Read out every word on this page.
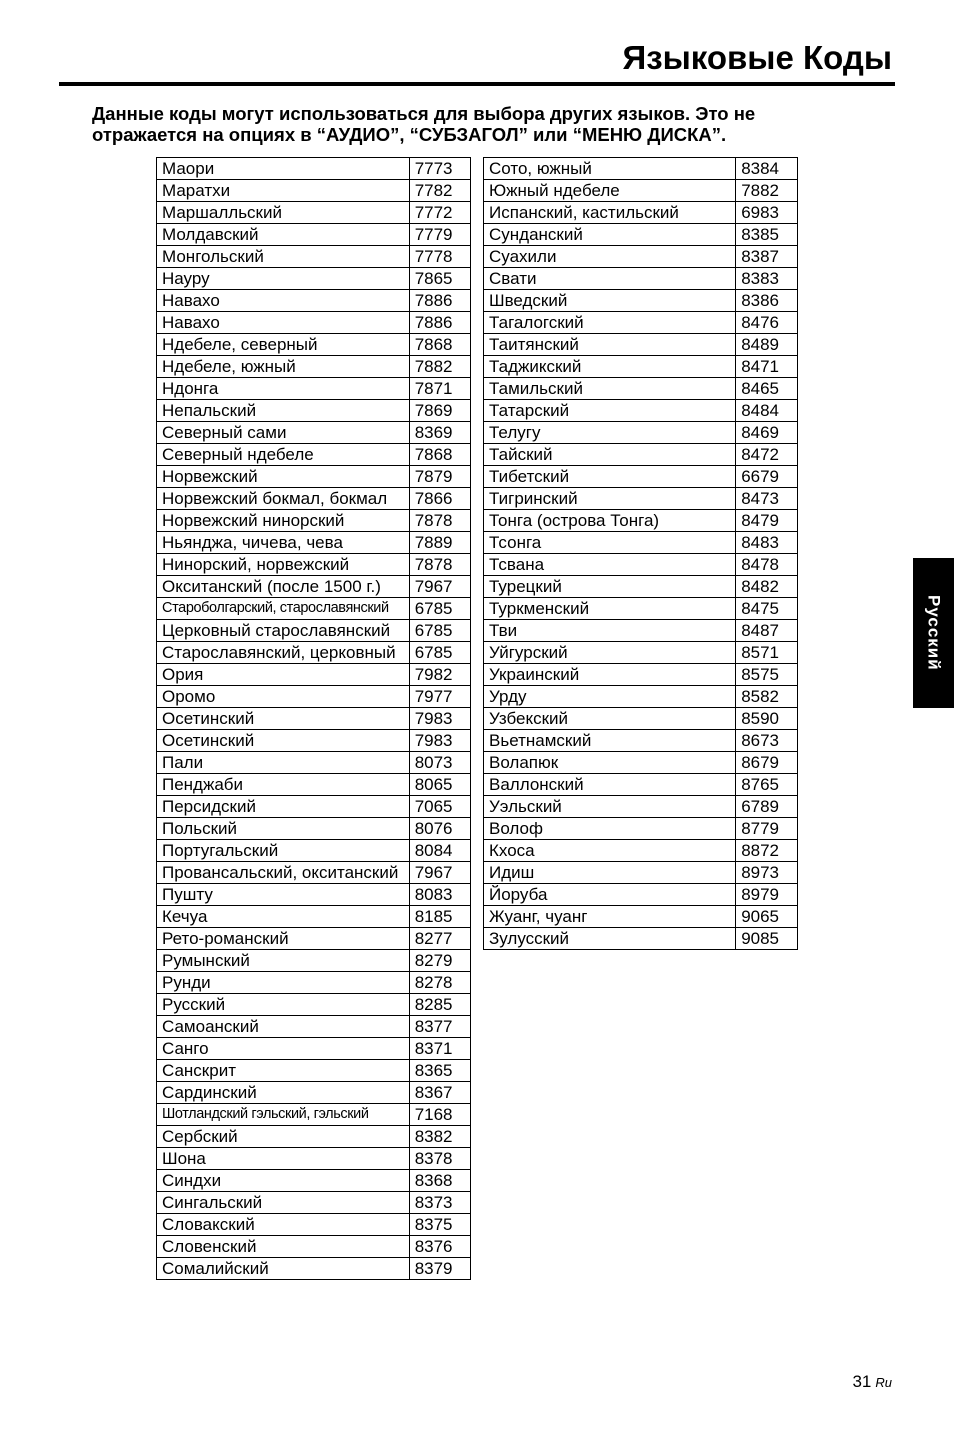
Языковые Коды

Данные коды могут использоваться для выбора других языков. Это не
отражается на опциях в “АУДИО”, “СУБЗАГОЛ” или “МЕНЮ ДИСКА”.

Маори	7773
Маратхи	7782
Маршалльский	7772
Молдавский	7779
Монгольский	7778
Науру	7865
Навахо	7886
Навахо	7886
Ндебеле, северный	7868
Ндебеле, южный	7882
Ндонга	7871
Непальский	7869
Северный сами	8369
Северный ндебеле	7868
Норвежский	7879
Норвежский бокмал, бокмал	7866
Норвежский нинорский	7878
Ньянджа, чичева, чева	7889
Нинорский, норвежский	7878
Окситанский (после 1500 г.)	7967
Староболгарский, старославянский	6785
Церковный старославянский	6785
Старославянский, церковный	6785
Ория	7982
Оромо	7977
Осетинский	7983
Осетинский	7983
Пали	8073
Пенджаби	8065
Персидский	7065
Польский	8076
Португальский	8084
Провансальский, окситанский	7967
Пушту	8083
Кечуа	8185
Рето-романский	8277
Румынский	8279
Рунди	8278
Русский	8285
Самоанский	8377
Санго	8371
Санскрит	8365
Сардинский	8367
Шотландский гэльский, гэльский	7168
Сербский	8382
Шона	8378
Синдхи	8368
Сингальский	8373
Словакский	8375
Словенский	8376
Сомалийский	8379
Сото, южный	8384
Южный ндебеле	7882
Испанский, кастильский	6983
Сунданский	8385
Суахили	8387
Свати	8383
Шведский	8386
Тагалогский	8476
Таитянский	8489
Таджикский	8471
Тамильский	8465
Татарский	8484
Телугу	8469
Тайский	8472
Тибетский	6679
Тигринский	8473
Тонга (острова Тонга)	8479
Тсонга	8483
Тсвана	8478
Турецкий	8482
Туркменский	8475
Тви	8487
Уйгурский	8571
Украинский	8575
Урду	8582
Узбекский	8590
Вьетнамский	8673
Волапюк	8679
Валлонский	8765
Уэльский	6789
Волоф	8779
Кхоса	8872
Идиш	8973
Йоруба	8979
Жуанг, чуанг	9065
Зулусский	9085
Русский
31 Ru
